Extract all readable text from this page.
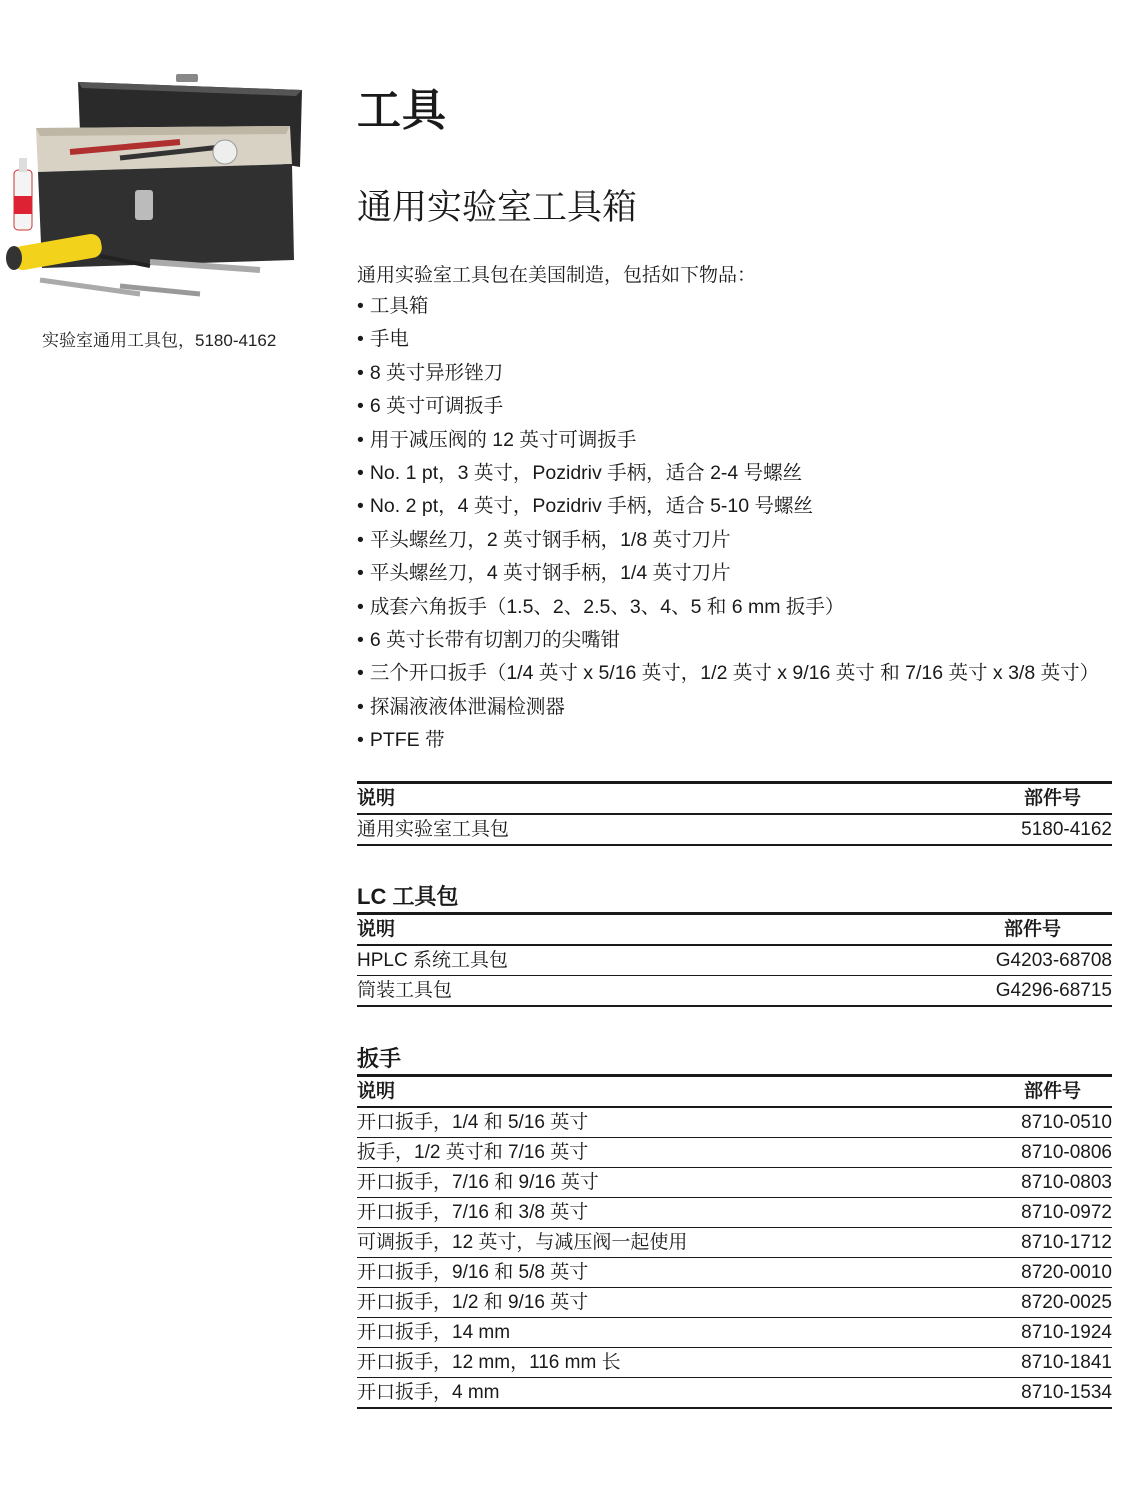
实验室通用工具包，5180-4162
工具
通用实验室工具箱
通用实验室工具包在美国制造，包括如下物品：
• 工具箱
• 手电
• 8 英寸异形锉刀
• 6 英寸可调扳手
• 用于减压阀的 12 英寸可调扳手
• No. 1 pt，3 英寸，Pozidriv 手柄，适合 2-4 号螺丝
• No. 2 pt，4 英寸，Pozidriv 手柄，适合 5-10 号螺丝
• 平头螺丝刀，2 英寸钢手柄，1/8 英寸刀片
• 平头螺丝刀，4 英寸钢手柄，1/4 英寸刀片
• 成套六角扳手（1.5、2、2.5、3、4、5 和 6 mm 扳手）
• 6 英寸长带有切割刀的尖嘴钳
• 三个开口扳手（1/4 英寸 x 5/16 英寸，1/2 英寸 x 9/16 英寸 和 7/16 英寸 x 3/8 英寸）
• 探漏液液体泄漏检测器
• PTFE 带
说明	部件号
通用实验室工具包	5180-4162
LC 工具包
说明	部件号
HPLC 系统工具包	G4203-68708
筒装工具包	G4296-68715
扳手
说明	部件号
开口扳手，1/4 和 5/16 英寸	8710-0510
扳手，1/2 英寸和 7/16 英寸	8710-0806
开口扳手，7/16 和 9/16 英寸	8710-0803
开口扳手，7/16 和 3/8 英寸	8710-0972
可调扳手，12 英寸，与减压阀一起使用	8710-1712
开口扳手，9/16 和 5/8 英寸	8720-0010
开口扳手，1/2 和 9/16 英寸	8720-0025
开口扳手，14 mm	8710-1924
开口扳手，12 mm，116 mm 长	8710-1841
开口扳手，4 mm	8710-1534
